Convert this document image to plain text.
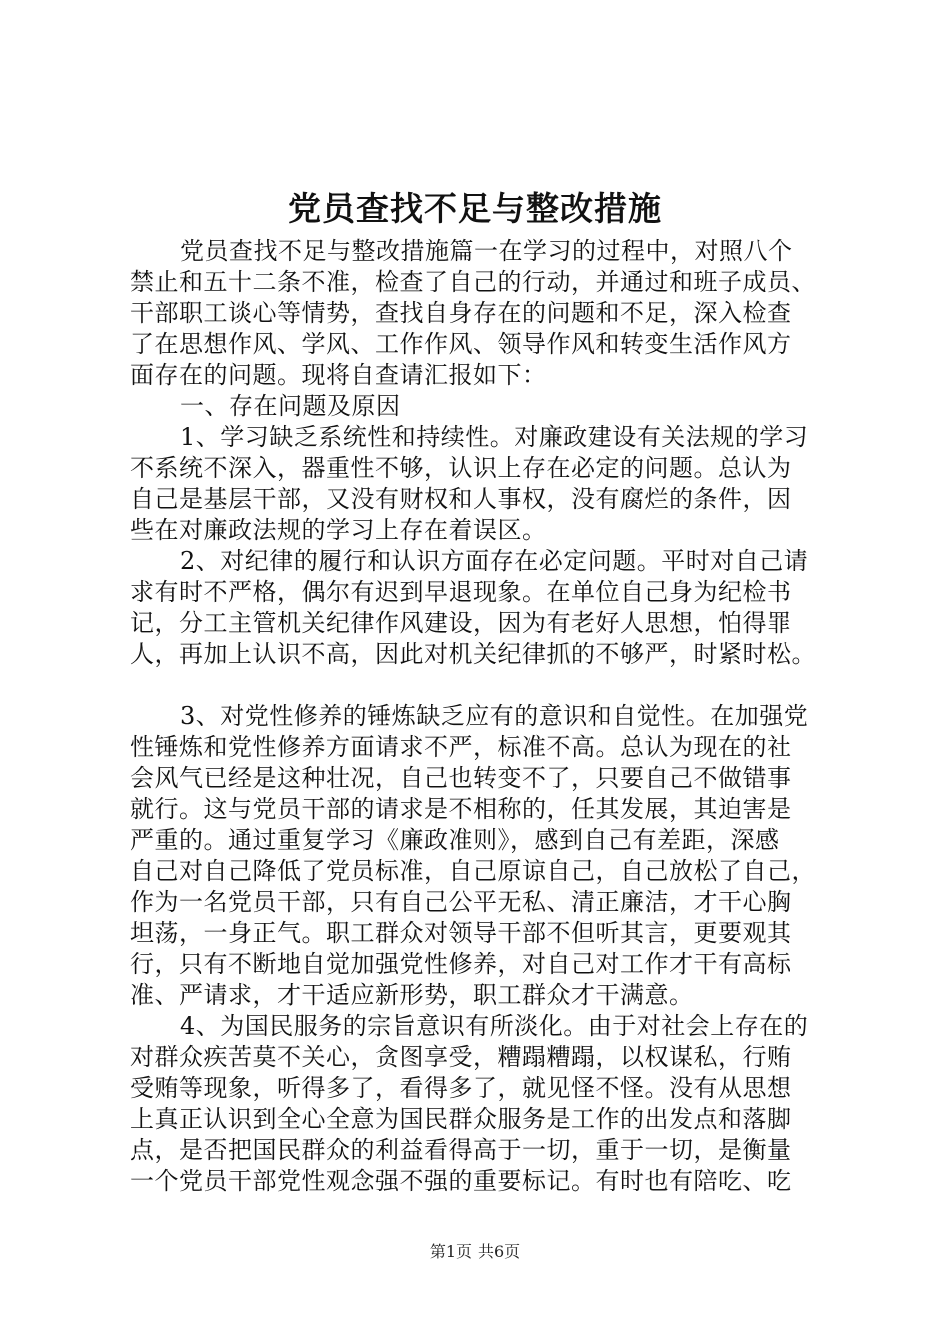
党员查找不足与整改措施
党员查找不足与整改措施篇一在学习的过程中，对照八个
禁止和五十二条不准，检查了自己的行动，并通过和班子成员、
干部职工谈心等情势，查找自身存在的问题和不足，深入检查
了在思想作风、学风、工作作风、领导作风和转变生活作风方
面存在的问题。现将自查请汇报如下：
一、存在问题及原因
1、学习缺乏系统性和持续性。对廉政建设有关法规的学习
不系统不深入，器重性不够，认识上存在必定的问题。总认为
自己是基层干部，又没有财权和人事权，没有腐烂的条件，因
些在对廉政法规的学习上存在着误区。
2、对纪律的履行和认识方面存在必定问题。平时对自己请
求有时不严格，偶尔有迟到早退现象。在单位自己身为纪检书
记，分工主管机关纪律作风建设，因为有老好人思想，怕得罪
人，再加上认识不高，因此对机关纪律抓的不够严，时紧时松。
3、对党性修养的锤炼缺乏应有的意识和自觉性。在加强党
性锤炼和党性修养方面请求不严，标准不高。总认为现在的社
会风气已经是这种壮况，自己也转变不了，只要自己不做错事
就行。这与党员干部的请求是不相称的，任其发展，其迫害是
严重的。通过重复学习《廉政准则》，感到自己有差距，深感
自己对自己降低了党员标准，自己原谅自己，自己放松了自己，
作为一名党员干部，只有自己公平无私、清正廉洁，才干心胸
坦荡，一身正气。职工群众对领导干部不但听其言，更要观其
行，只有不断地自觉加强党性修养，对自己对工作才干有高标
准、严请求，才干适应新形势，职工群众才干满意。
4、为国民服务的宗旨意识有所淡化。由于对社会上存在的
对群众疾苦莫不关心，贪图享受，糟蹋糟蹋，以权谋私，行贿
受贿等现象，听得多了，看得多了，就见怪不怪。没有从思想
上真正认识到全心全意为国民群众服务是工作的出发点和落脚
点，是否把国民群众的利益看得高于一切，重于一切，是衡量
一个党员干部党性观念强不强的重要标记。有时也有陪吃、吃
第1页 共6页
